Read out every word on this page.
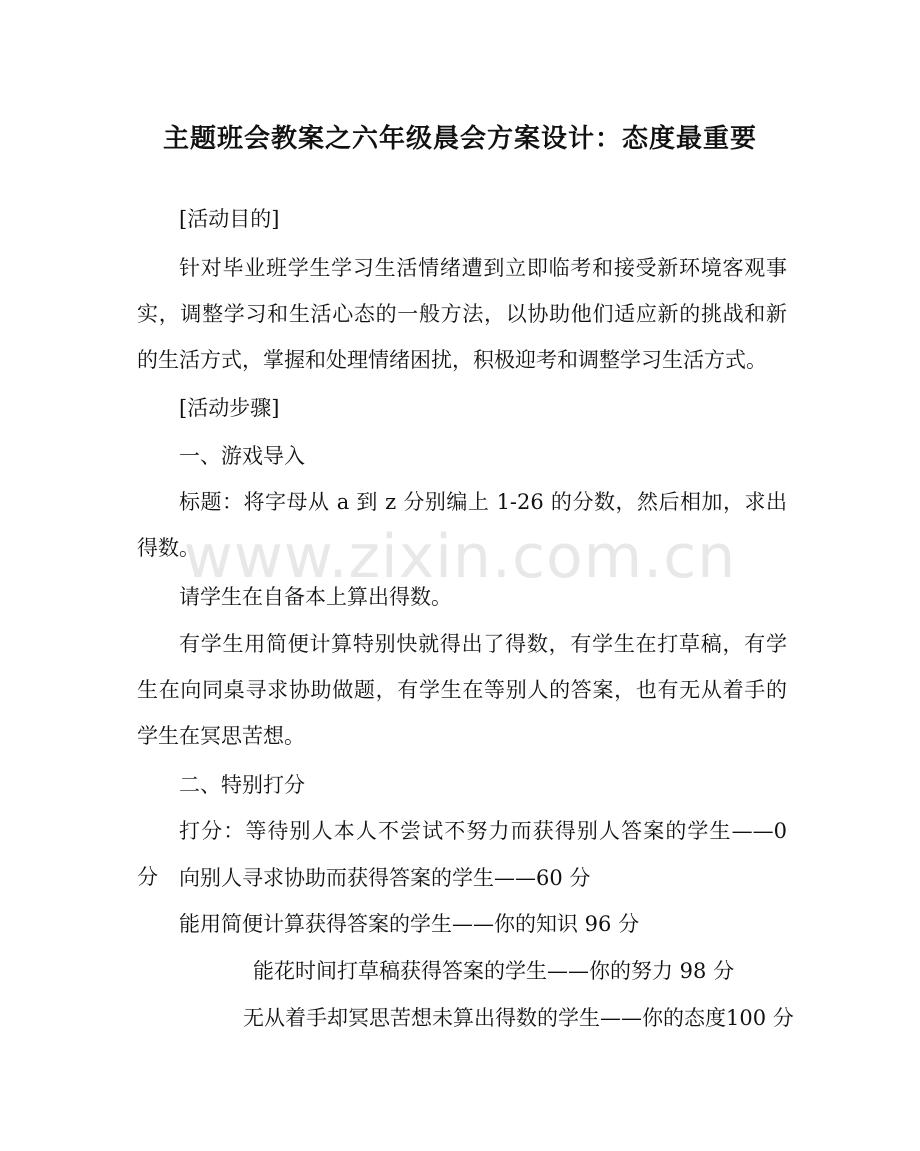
www.zixin.com.cn
主题班会教案之六年级晨会方案设计：态度最重要
[活动目的]
针对毕业班学生学习生活情绪遭到立即临考和接受新环境客观事实，调整学习和生活心态的一般方法，以协助他们适应新的挑战和新的生活方式，掌握和处理情绪困扰，积极迎考和调整学习生活方式。
[活动步骤]
一、游戏导入
标题：将字母从 a 到 z 分别编上 1-26 的分数，然后相加，求出得数。
请学生在自备本上算出得数。
有学生用简便计算特别快就得出了得数，有学生在打草稿，有学生在向同桌寻求协助做题，有学生在等别人的答案，也有无从着手的学生在冥思苦想。
二、特别打分
打分：等待别人本人不尝试不努力而获得别人答案的学生——0 分	向别人寻求协助而获得答案的学生——60 分
能用简便计算获得答案的学生——你的知识 96 分
能花时间打草稿获得答案的学生——你的努力 98 分
无从着手却冥思苦想未算出得数的学生——你的态度100 分
